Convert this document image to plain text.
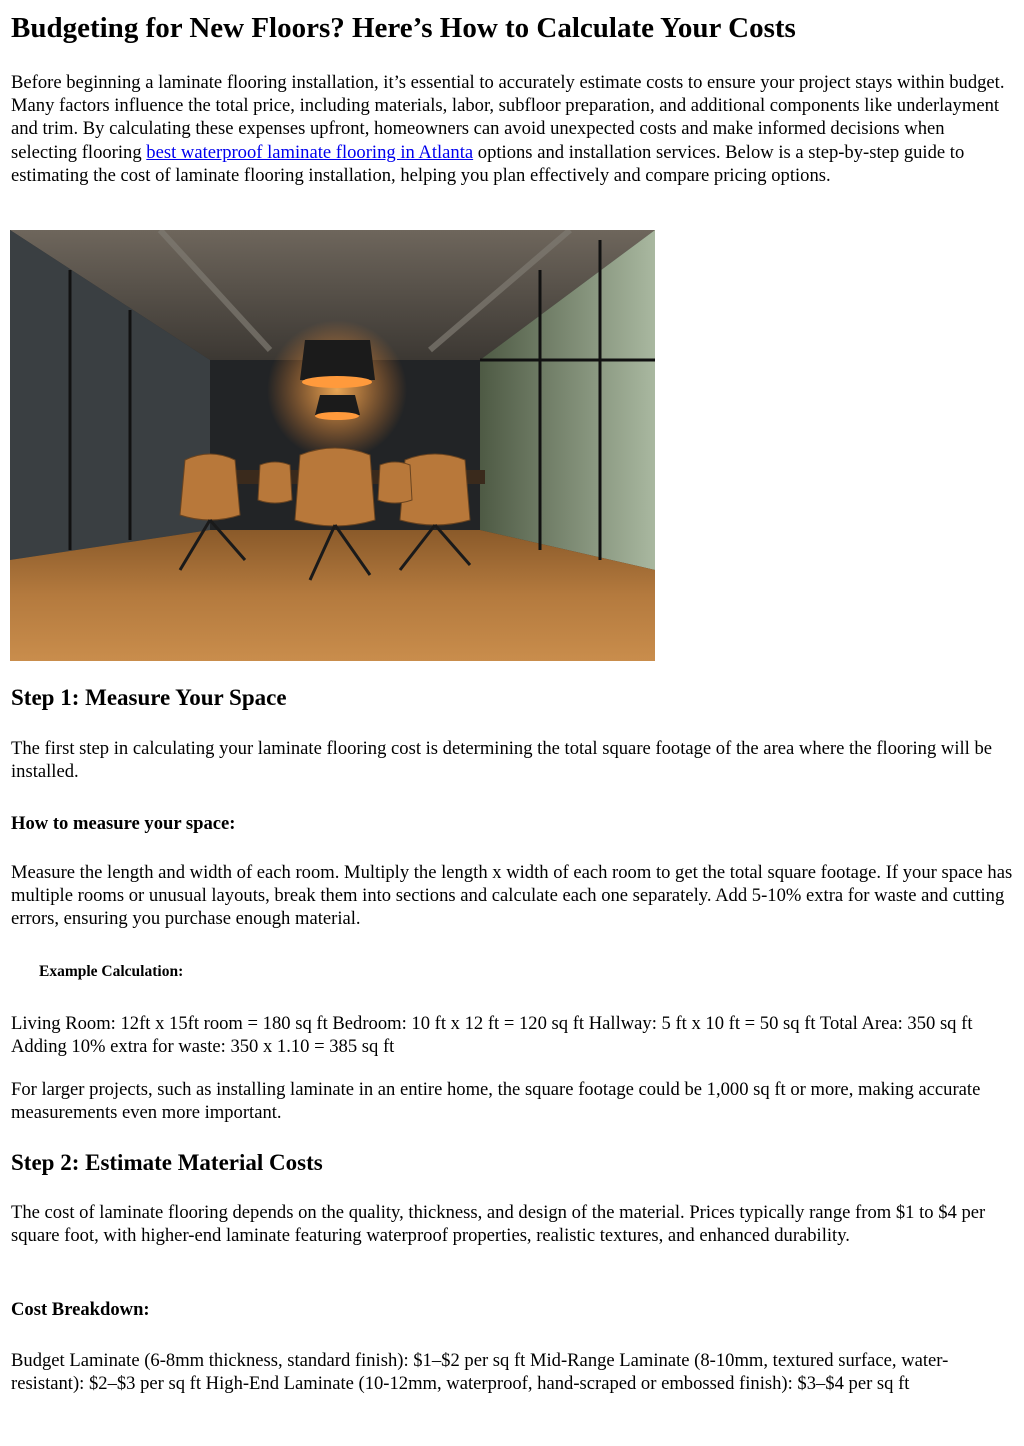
Budgeting for New Floors? Here’s How to Calculate Your Costs

Before beginning a laminate flooring installation, it’s essential to accurately estimate costs to ensure your project stays within budget. Many factors influence the total price, including materials, labor, subfloor preparation, and additional components like underlayment and trim. By calculating these expenses upfront, homeowners can avoid unexpected costs and make informed decisions when selecting flooring best waterproof laminate flooring in Atlanta options and installation services. Below is a step-by-step guide to estimating the cost of laminate flooring installation, helping you plan effectively and compare pricing options.

Step 1: Measure Your Space

The first step in calculating your laminate flooring cost is determining the total square footage of the area where the flooring will be installed.

How to measure your space:

Measure the length and width of each room. Multiply the length x width of each room to get the total square footage. If your space has multiple rooms or unusual layouts, break them into sections and calculate each one separately. Add 5-10% extra for waste and cutting errors, ensuring you purchase enough material.

Example Calculation:

Living Room: 12ft x 15ft room = 180 sq ft Bedroom: 10 ft x 12 ft = 120 sq ft Hallway: 5 ft x 10 ft = 50 sq ft Total Area: 350 sq ft Adding 10% extra for waste: 350 x 1.10 = 385 sq ft

For larger projects, such as installing laminate in an entire home, the square footage could be 1,000 sq ft or more, making accurate measurements even more important.

Step 2: Estimate Material Costs

The cost of laminate flooring depends on the quality, thickness, and design of the material. Prices typically range from $1 to $4 per square foot, with higher-end laminate featuring waterproof properties, realistic textures, and enhanced durability.

Cost Breakdown:

Budget Laminate (6-8mm thickness, standard finish): $1–$2 per sq ft Mid-Range Laminate (8-10mm, textured surface, water-resistant): $2–$3 per sq ft High-End Laminate (10-12mm, waterproof, hand-scraped or embossed finish): $3–$4 per sq ft
